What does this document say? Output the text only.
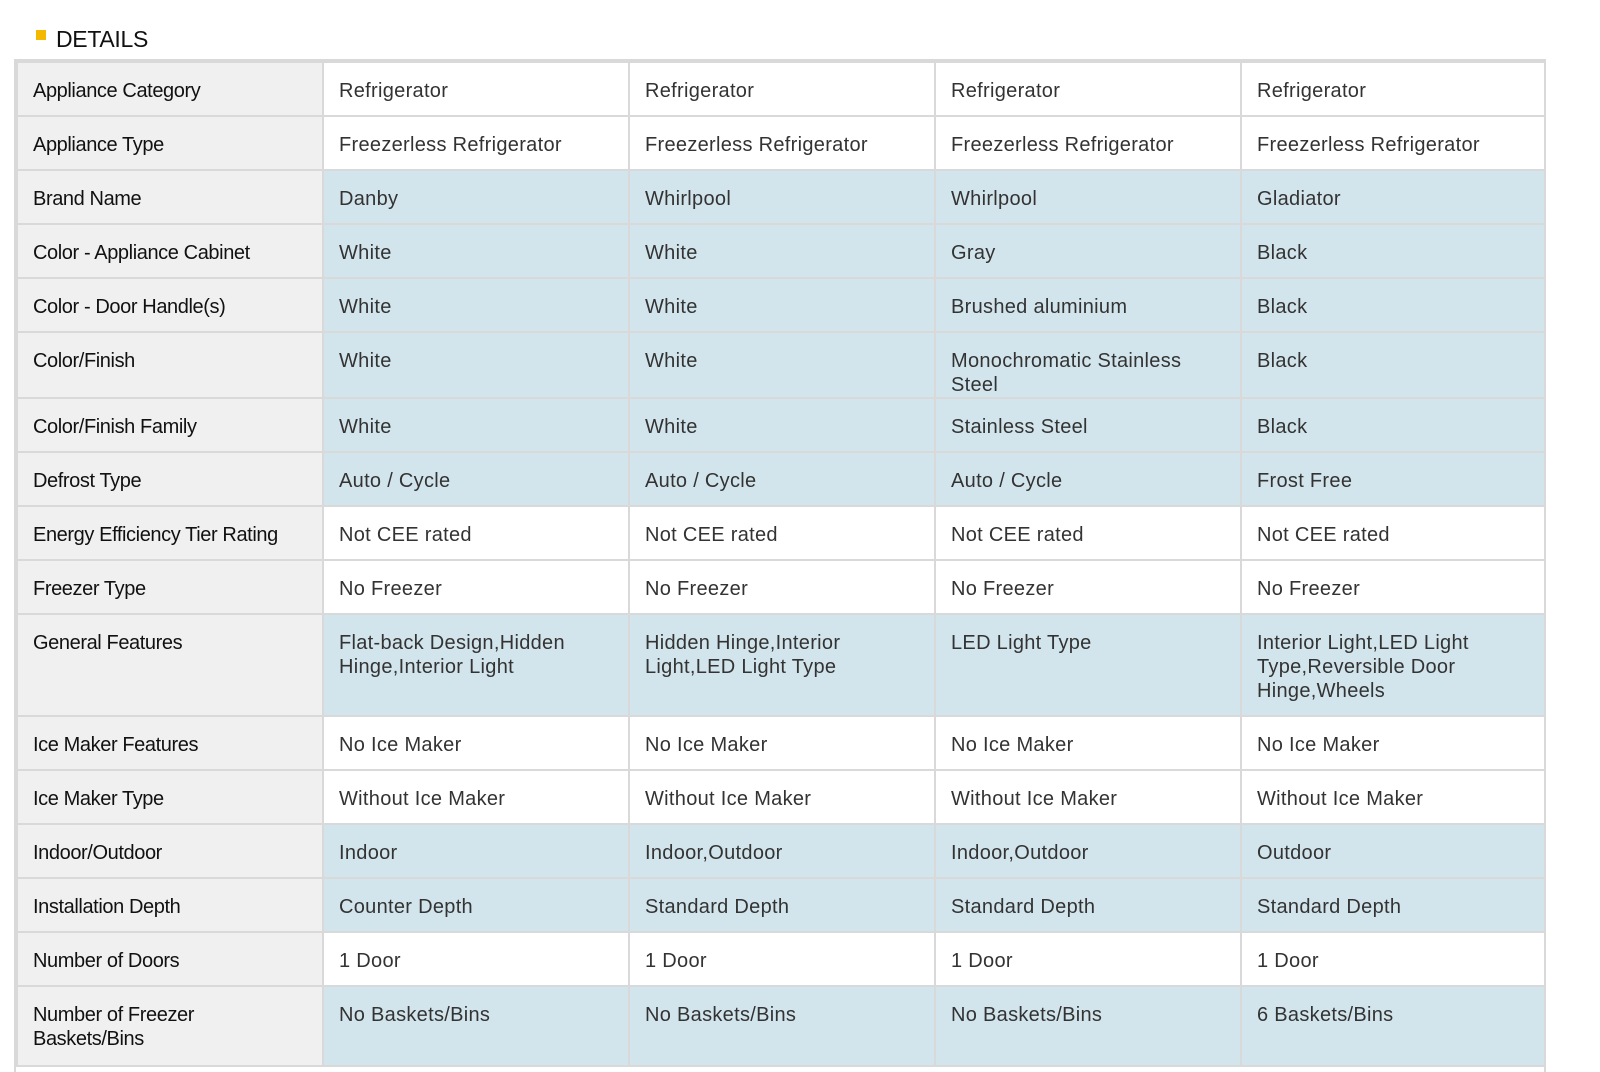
DETAILS
Appliance Category	Refrigerator	Refrigerator	Refrigerator	Refrigerator
Appliance Type	Freezerless Refrigerator	Freezerless Refrigerator	Freezerless Refrigerator	Freezerless Refrigerator
Brand Name	Danby	Whirlpool	Whirlpool	Gladiator
Color - Appliance Cabinet	White	White	Gray	Black
Color - Door Handle(s)	White	White	Brushed aluminium	Black
Color/Finish	White	White	Monochromatic Stainless Steel	Black
Color/Finish Family	White	White	Stainless Steel	Black
Defrost Type	Auto / Cycle	Auto / Cycle	Auto / Cycle	Frost Free
Energy Efficiency Tier Rating	Not CEE rated	Not CEE rated	Not CEE rated	Not CEE rated
Freezer Type	No Freezer	No Freezer	No Freezer	No Freezer
General Features	Flat-back Design,Hidden Hinge,Interior Light	Hidden Hinge,Interior Light,LED Light Type	LED Light Type	Interior Light,LED Light Type,Reversible Door Hinge,Wheels
Ice Maker Features	No Ice Maker	No Ice Maker	No Ice Maker	No Ice Maker
Ice Maker Type	Without Ice Maker	Without Ice Maker	Without Ice Maker	Without Ice Maker
Indoor/Outdoor	Indoor	Indoor,Outdoor	Indoor,Outdoor	Outdoor
Installation Depth	Counter Depth	Standard Depth	Standard Depth	Standard Depth
Number of Doors	1 Door	1 Door	1 Door	1 Door
Number of Freezer Baskets/Bins	No Baskets/Bins	No Baskets/Bins	No Baskets/Bins	6 Baskets/Bins
